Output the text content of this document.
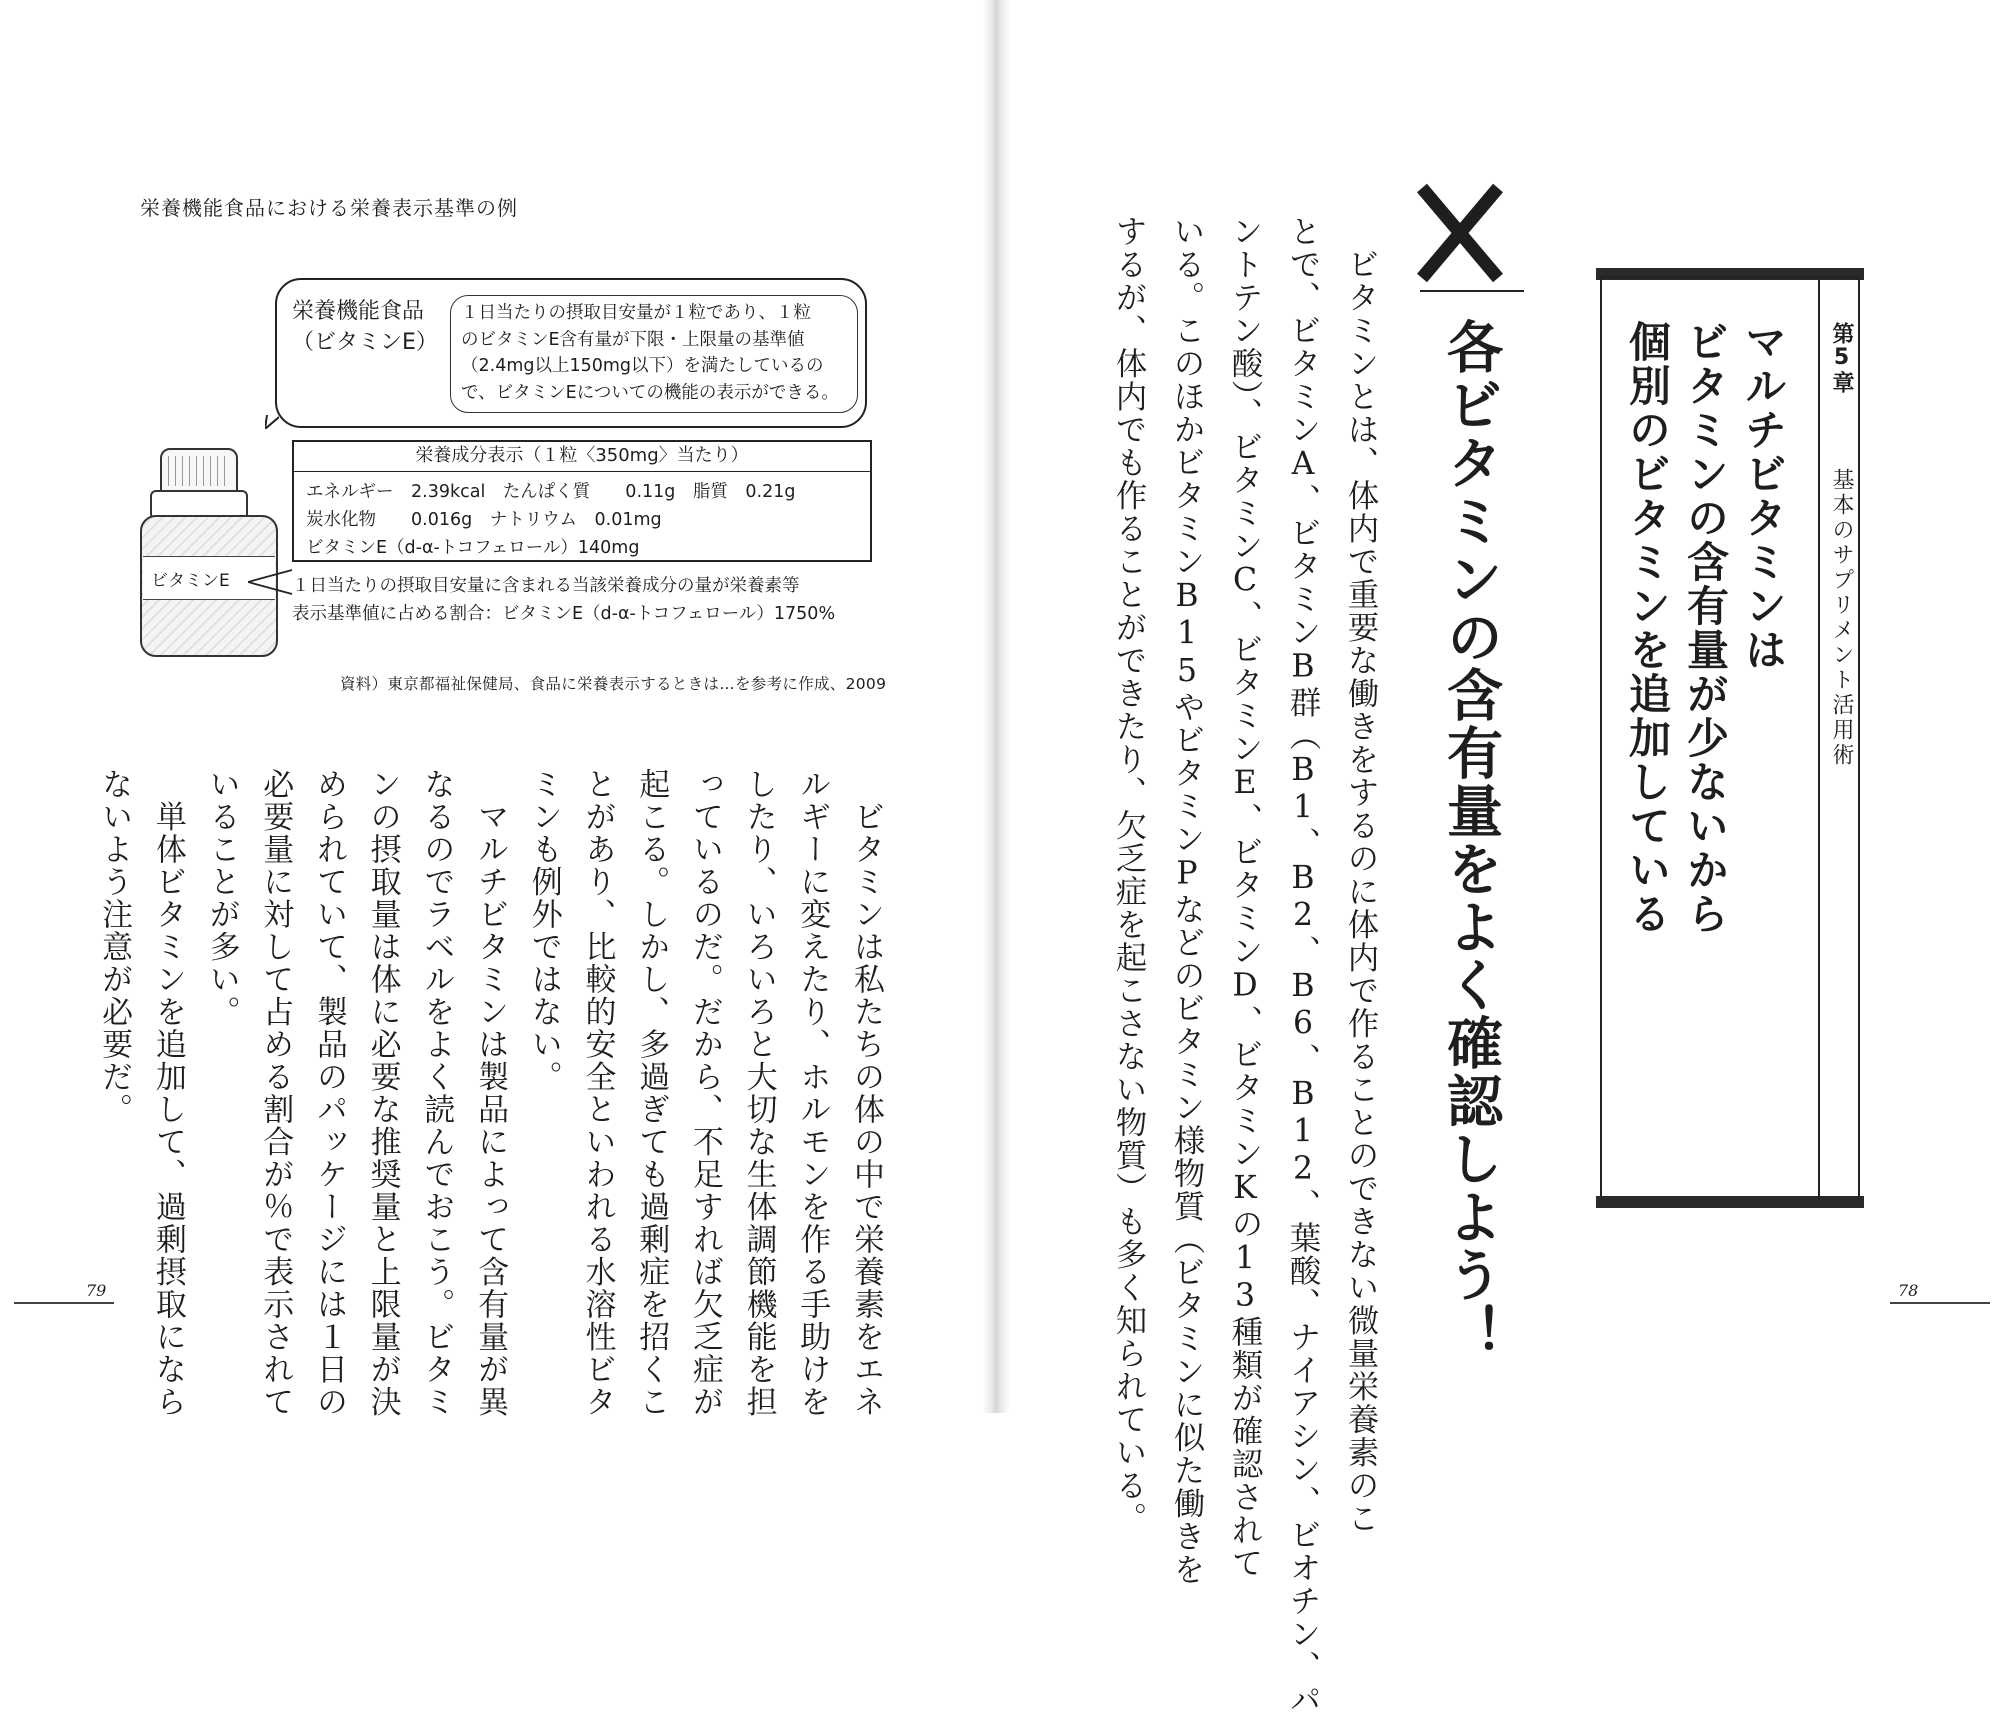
栄養機能食品における栄養表示基準の例
栄養機能食品
（ビタミンE）
１日当たりの摂取目安量が１粒であり、１粒
のビタミンE含有量が下限・上限量の基準値
（2.4mg以上150mg以下）を満たしているの
で、ビタミンEについての機能の表示ができる。
ビタミンE
栄養成分表示（１粒〈350mg〉当たり）
エネルギー　2.39kcal　たんぱく質　　0.11g　脂質　0.21g
炭水化物　　0.016g　ナトリウム　0.01mg
ビタミンE（d-α-トコフェロール）140mg
１日当たりの摂取目安量に含まれる当該栄養成分の量が栄養素等
表示基準値に占める割合：ビタミンE（d-α-トコフェロール）1750%
資料）東京都福祉保健局、食品に栄養表示するときは…を参考に作成、2009
　ビタミンは私たちの体の中で栄養素をエネ
ルギーに変えたり、ホルモンを作る手助けを
したり、いろいろと大切な生体調節機能を担
っているのだ。だから、不足すれば欠乏症が
起こる。しかし、多過ぎても過剰症を招くこ
とがあり、比較的安全といわれる水溶性ビタ
ミンも例外ではない。
　マルチビタミンは製品によって含有量が異
なるのでラベルをよく読んでおこう。ビタミ
ンの摂取量は体に必要な推奨量と上限量が決
められていて、製品のパッケージには１日の
必要量に対して占める割合が％で表示されて
いることが多い。
　単体ビタミンを追加して、過剰摂取になら
ないよう注意が必要だ。
79
第5章
基本のサプリメント活用術
マルチビタミンは
ビタミンの含有量が少ないから
個別のビタミンを追加している
各ビタミンの含有量をよく確認しよう！
　ビタミンとは、体内で重要な働きをするのに体内で作ることのできない微量栄養素のこ
とで、ビタミンA、ビタミンB群（B1、B2、B6、B12、葉酸、ナイアシン、ビオチン、パ
ントテン酸）、ビタミンC、ビタミンE、ビタミンD、ビタミンKの13種類が確認されて
いる。このほかビタミンB15やビタミンPなどのビタミン様物質（ビタミンに似た働きを
するが、体内でも作ることができたり、欠乏症を起こさない物質）も多く知られている。	78
